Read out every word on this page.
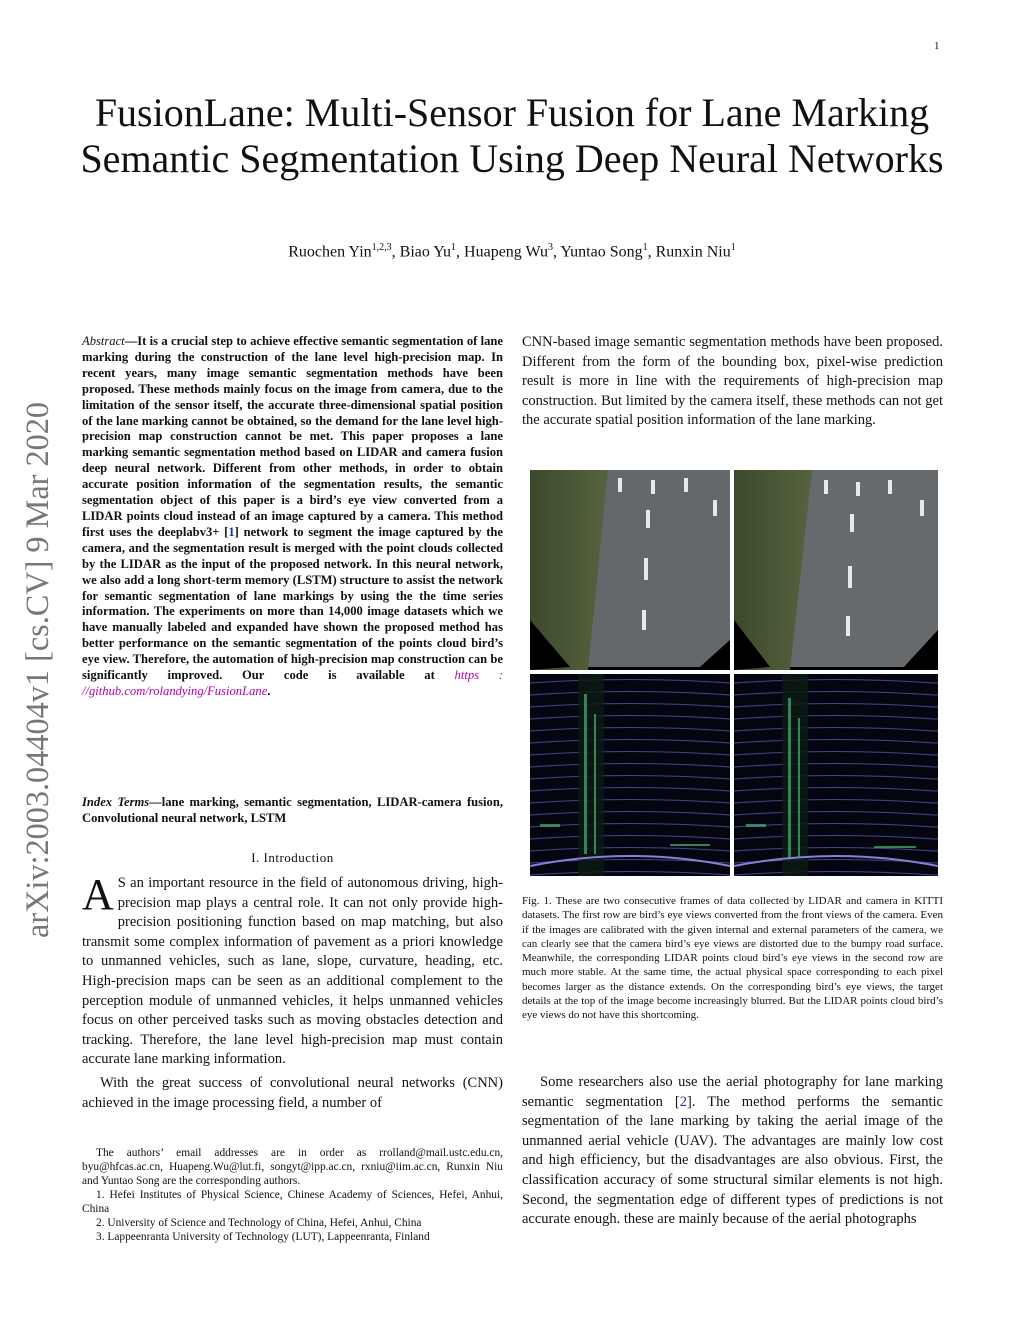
1
arXiv:2003.04404v1 [cs.CV] 9 Mar 2020
FusionLane: Multi-Sensor Fusion for Lane Marking Semantic Segmentation Using Deep Neural Networks
Ruochen Yin$^{1,2,3}$, Biao Yu$^1$, Huapeng Wu$^3$, Yuntao Song$^1$, Runxin Niu$^1$
Abstract—It is a crucial step to achieve effective semantic segmentation of lane marking during the construction of the lane level high-precision map. In recent years, many image semantic segmentation methods have been proposed. These methods mainly focus on the image from camera, due to the limitation of the sensor itself, the accurate three-dimensional spatial position of the lane marking cannot be obtained, so the demand for the lane level high-precision map construction cannot be met. This paper proposes a lane marking semantic segmentation method based on LIDAR and camera fusion deep neural network. Different from other methods, in order to obtain accurate position information of the segmentation results, the semantic segmentation object of this paper is a bird’s eye view converted from a LIDAR points cloud instead of an image captured by a camera. This method first uses the deeplabv3+ [1] network to segment the image captured by the camera, and the segmentation result is merged with the point clouds collected by the LIDAR as the input of the proposed network. In this neural network, we also add a long short-term memory (LSTM) structure to assist the network for semantic segmentation of lane markings by using the the time series information. The experiments on more than 14,000 image datasets which we have manually labeled and expanded have shown the proposed method has better performance on the semantic segmentation of the points cloud bird’s eye view. Therefore, the automation of high-precision map construction can be significantly improved. Our code is available at https : //github.com/rolandying/FusionLane.
Index Terms—lane marking, semantic segmentation, LIDAR-camera fusion, Convolutional neural network, LSTM
I. Introduction
A S an important resource in the field of autonomous driving, high-precision map plays a central role. It can not only provide high-precision positioning function based on map matching, but also transmit some complex information of pavement as a priori knowledge to unmanned vehicles, such as lane, slope, curvature, heading, etc. High-precision maps can be seen as an additional complement to the perception module of unmanned vehicles, it helps unmanned vehicles focus on other perceived tasks such as moving obstacles detection and tracking. Therefore, the lane level high-precision map must contain accurate lane marking information.
With the great success of convolutional neural networks (CNN) achieved in the image processing field, a number of

The authors’ email addresses are in order as rrolland@mail.ustc.edu.cn, byu@hfcas.ac.cn, Huapeng.Wu@lut.fi, songyt@ipp.ac.cn, rxniu@iim.ac.cn, Runxin Niu and Yuntao Song are the corresponding authors.

1. Hefei Institutes of Physical Science, Chinese Academy of Sciences, Hefei, Anhui, China

2. University of Science and Technology of China, Hefei, Anhui, China

3. Lappeenranta University of Technology (LUT), Lappeenranta, Finland

CNN-based image semantic segmentation methods have been proposed. Different from the form of the bounding box, pixel-wise prediction result is more in line with the requirements of high-precision map construction. But limited by the camera itself, these methods can not get the accurate spatial position information of the lane marking.
Fig. 1. These are two consecutive frames of data collected by LIDAR and camera in KITTI datasets. The first row are bird’s eye views converted from the front views of the camera. Even if the images are calibrated with the given internal and external parameters of the camera, we can clearly see that the camera bird’s eye views are distorted due to the bumpy road surface. Meanwhile, the corresponding LIDAR points cloud bird’s eye views in the second row are much more stable. At the same time, the actual physical space corresponding to each pixel becomes larger as the distance extends. On the corresponding bird’s eye views, the target details at the top of the image become increasingly blurred. But the LIDAR points cloud bird’s eye views do not have this shortcoming.
Some researchers also use the aerial photography for lane marking semantic segmentation [2]. The method performs the semantic segmentation of the lane marking by taking the aerial image of the unmanned aerial vehicle (UAV). The advantages are mainly low cost and high efficiency, but the disadvantages are also obvious. First, the classification accuracy of some structural similar elements is not high. Second, the segmentation edge of different types of predictions is not accurate enough. these are mainly because of the aerial photographs
